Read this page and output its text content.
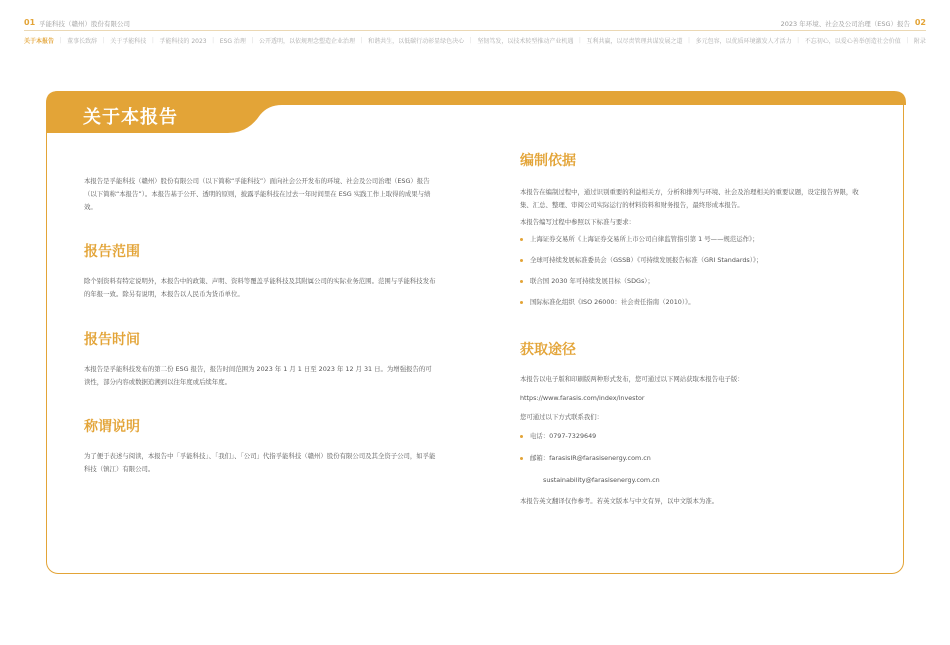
01 孚能科技（赣州）股份有限公司	2023 年环境、社会及公司治理（ESG）报告 02
关于本报告 | 董事长致辞 | 关于孚能科技 | 孚能科技的 2023 | ESG 治理 | 公开透明，以依规理念塑造企业治理 | 和谐共生，以低碳行动彰显绿色决心 | 坚韧笃发，以技术转型推动产业机遇 | 互利共赢，以尽责管理共谋发展之道 | 多元包容，以优质环境激发人才活力 | 不忘初心，以爱心善举创造社会价值 | 附录
关于本报告

本报告是孚能科技（赣州）股份有限公司（以下简称“孚能科技”）面向社会公开发布的环境、社会及公司治理（ESG）报告（以下简称“本报告”）。本报告基于公开、透明的原则，披露孚能科技在过去一年时间里在 ESG 实践工作上取得的成果与绩效。

报告范围

除个别资料有特定说明外，本报告中的政策、声明、资料等覆盖孚能科技及其附属公司的实际业务范围。范围与孚能科技发布的年报一致。除另有说明，本报告以人民币为货币单位。

报告时间

本报告是孚能科技发布的第二份 ESG 报告，报告时间范围为 2023 年 1 月 1 日至 2023 年 12 月 31 日。为增强报告的可读性，部分内容或数据追溯到以往年度或后续年度。

称谓说明

为了便于表述与阅读，本报告中「孚能科技」、「我们」、「公司」代指孚能科技（赣州）股份有限公司及其全资子公司，如孚能科技（镇江）有限公司。

编制依据

本报告在编制过程中，通过识别重要的利益相关方，分析和排列与环境、社会及治理相关的重要议题，设定报告界限，收集、汇总、整理、审阅公司实际运行的材料资料和财务报告，最终形成本报告。

本报告编写过程中参照以下标准与要求：

上海证券交易所《上海证券交易所上市公司自律监管指引第 1 号——规范运作》；
全球可持续发展标准委员会（GSSB）《可持续发展报告标准（GRI Standards）》；
联合国 2030 年可持续发展目标（SDGs）；
国际标准化组织《ISO 26000：社会责任指南（2010）》。
获取途径

本报告以电子版和印刷版两种形式发布，您可通过以下网站获取本报告电子版：

https://www.farasis.com/index/investor

您可通过以下方式联系我们：

电话：0797-7329649
邮箱：farasisIR@farasisenergy.com.cn

sustainability@farasisenergy.com.cn

本报告英文翻译仅作参考。若英文版本与中文有异，以中文版本为准。
